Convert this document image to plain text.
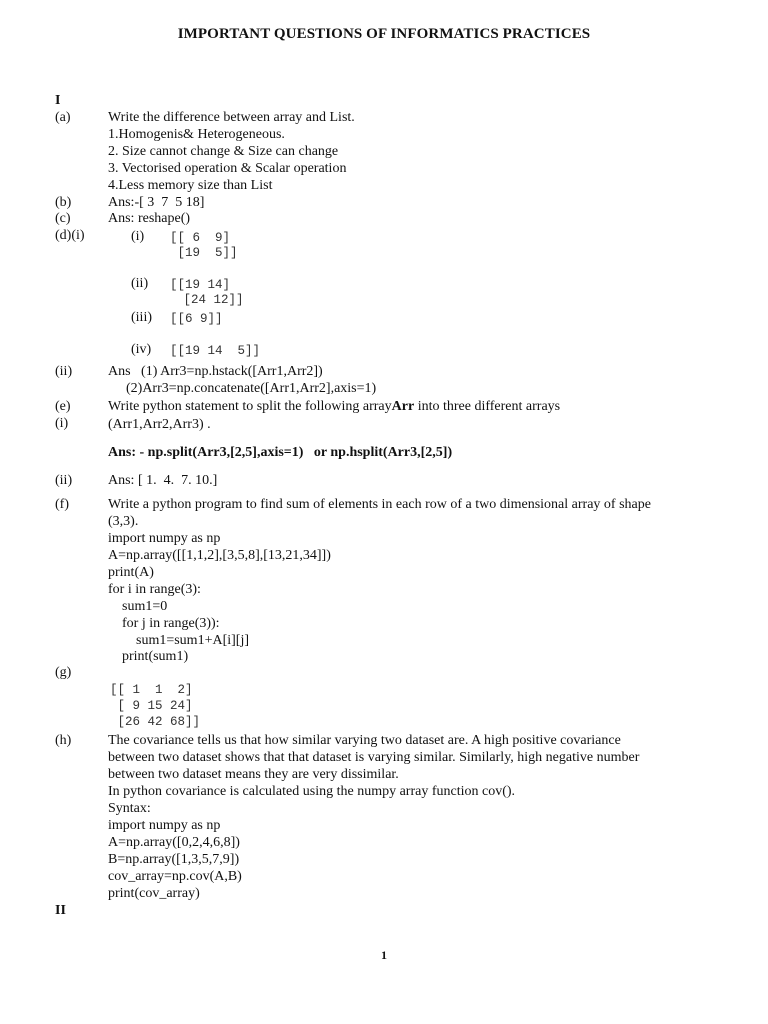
IMPORTANT QUESTIONS OF INFORMATICS PRACTICES
I
(a)	Write the difference between array and List.
1.Homogenis& Heterogeneous.
2. Size cannot change & Size can change
3. Vectorised operation & Scalar operation
4.Less memory size than List
(b)	Ans:-[ 3  7  5 18]
(c)	Ans: reshape()
(d)(i)	(i) [[ 6  9]
[19  5]]
(ii) [[19 14]
[24 12]]
(iii) [[6 9]]
(iv) [[19 14  5]]
(ii)	Ans   (1) Arr3=np.hstack([Arr1,Arr2])
(2)Arr3=np.concatenate([Arr1,Arr2],axis=1)
(e)	Write python statement to split the following arrayArr into three different arrays
(i)	(Arr1,Arr2,Arr3) .
Ans: - np.split(Arr3,[2,5],axis=1)   or np.hsplit(Arr3,[2,5])
(ii)	Ans: [ 1.  4.  7. 10.]
(f)	Write a python program to find sum of elements in each row of a two dimensional array of shape
(3,3).
import numpy as np
A=np.array([[1,1,2],[3,5,8],[13,21,34]])
print(A)
for i in range(3):
sum1=0
for j in range(3)):
sum1=sum1+A[i][j]
print(sum1)
(g)
[[ 1  1  2]
[ 9 15 24]
[26 42 68]]
(h)	The covariance tells us that how similar varying two dataset are. A high positive covariance
between two dataset shows that that dataset is varying similar. Similarly, high negative number
between two dataset means they are very dissimilar.
In python covariance is calculated using the numpy array function cov().
Syntax:
import numpy as np
A=np.array([0,2,4,6,8])
B=np.array([1,3,5,7,9])
cov_array=np.cov(A,B)
print(cov_array)
II
1
